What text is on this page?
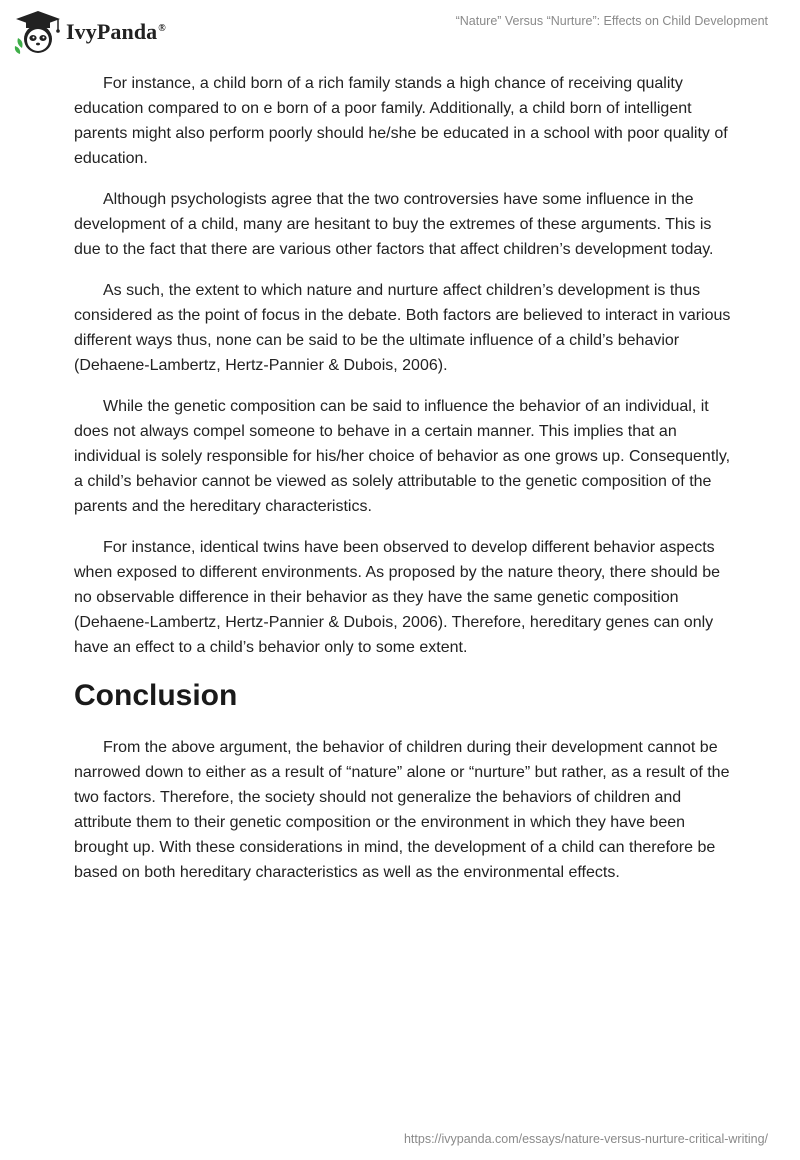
IvyPanda®
“Nature” Versus “Nurture”: Effects on Child Development

For instance, a child born of a rich family stands a high chance of receiving quality education compared to on e born of a poor family. Additionally, a child born of intelligent parents might also perform poorly should he/she be educated in a school with poor quality of education.

Although psychologists agree that the two controversies have some influence in the development of a child, many are hesitant to buy the extremes of these arguments. This is due to the fact that there are various other factors that affect children’s development today.

As such, the extent to which nature and nurture affect children’s development is thus considered as the point of focus in the debate. Both factors are believed to interact in various different ways thus, none can be said to be the ultimate influence of a child’s behavior (Dehaene-Lambertz, Hertz-Pannier & Dubois, 2006).

While the genetic composition can be said to influence the behavior of an individual, it does not always compel someone to behave in a certain manner. This implies that an individual is solely responsible for his/her choice of behavior as one grows up. Consequently, a child’s behavior cannot be viewed as solely attributable to the genetic composition of the parents and the hereditary characteristics.

For instance, identical twins have been observed to develop different behavior aspects when exposed to different environments. As proposed by the nature theory, there should be no observable difference in their behavior as they have the same genetic composition (Dehaene-Lambertz, Hertz-Pannier & Dubois, 2006). Therefore, hereditary genes can only have an effect to a child’s behavior only to some extent.

Conclusion

From the above argument, the behavior of children during their development cannot be narrowed down to either as a result of “nature” alone or “nurture” but rather, as a result of the two factors. Therefore, the society should not generalize the behaviors of children and attribute them to their genetic composition or the environment in which they have been brought up. With these considerations in mind, the development of a child can therefore be based on both hereditary characteristics as well as the environmental effects.

https://ivypanda.com/essays/nature-versus-nurture-critical-writing/
